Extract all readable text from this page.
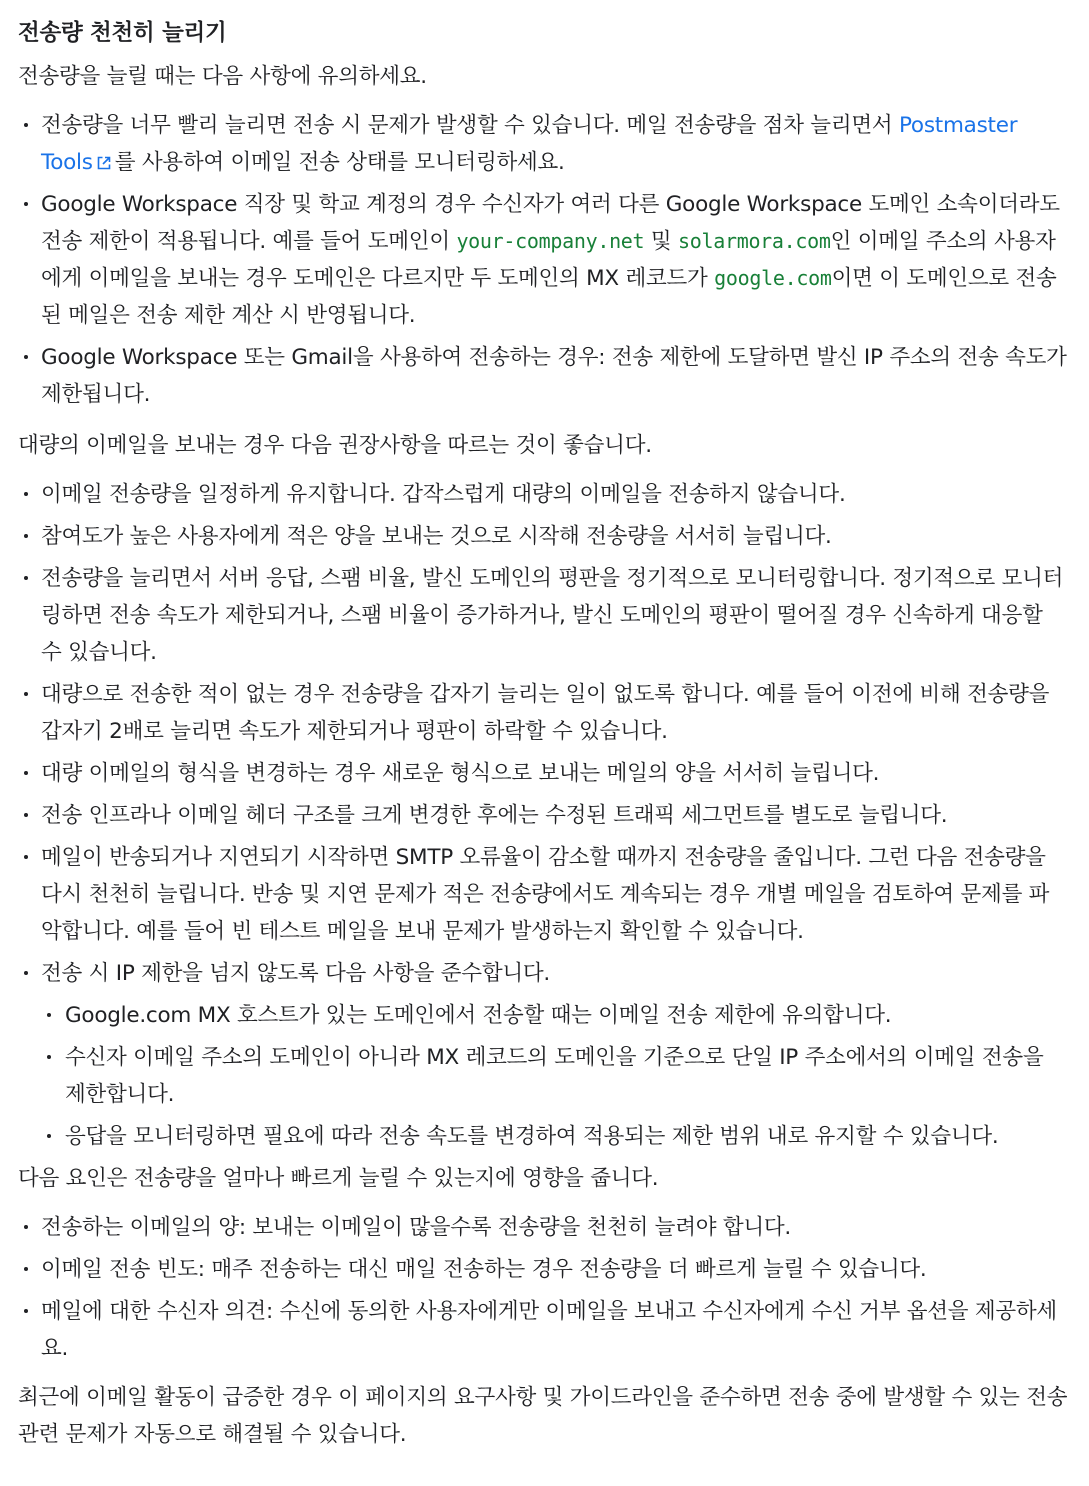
전송량 천천히 늘리기

전송량을 늘릴 때는 다음 사항에 유의하세요.

전송량을 너무 빨리 늘리면 전송 시 문제가 발생할 수 있습니다. 메일 전송량을 점차 늘리면서 Postmaster Tools 를 사용하여 이메일 전송 상태를 모니터링하세요.
Google Workspace 직장 및 학교 계정의 경우 수신자가 여러 다른 Google Workspace 도메인 소속이더라도 전송 제한이 적용됩니다. 예를 들어 도메인이 your-company.net 및 solarmora.com인 이메일 주소의 사용자에게 이메일을 보내는 경우 도메인은 다르지만 두 도메인의 MX 레코드가 google.com이면 이 도메인으로 전송된 메일은 전송 제한 계산 시 반영됩니다.
Google Workspace 또는 Gmail을 사용하여 전송하는 경우: 전송 제한에 도달하면 발신 IP 주소의 전송 속도가 제한됩니다.

대량의 이메일을 보내는 경우 다음 권장사항을 따르는 것이 좋습니다.

이메일 전송량을 일정하게 유지합니다. 갑작스럽게 대량의 이메일을 전송하지 않습니다.
참여도가 높은 사용자에게 적은 양을 보내는 것으로 시작해 전송량을 서서히 늘립니다.
전송량을 늘리면서 서버 응답, 스팸 비율, 발신 도메인의 평판을 정기적으로 모니터링합니다. 정기적으로 모니터링하면 전송 속도가 제한되거나, 스팸 비율이 증가하거나, 발신 도메인의 평판이 떨어질 경우 신속하게 대응할 수 있습니다.
대량으로 전송한 적이 없는 경우 전송량을 갑자기 늘리는 일이 없도록 합니다. 예를 들어 이전에 비해 전송량을 갑자기 2배로 늘리면 속도가 제한되거나 평판이 하락할 수 있습니다.
대량 이메일의 형식을 변경하는 경우 새로운 형식으로 보내는 메일의 양을 서서히 늘립니다.
전송 인프라나 이메일 헤더 구조를 크게 변경한 후에는 수정된 트래픽 세그먼트를 별도로 늘립니다.
메일이 반송되거나 지연되기 시작하면 SMTP 오류율이 감소할 때까지 전송량을 줄입니다. 그런 다음 전송량을 다시 천천히 늘립니다. 반송 및 지연 문제가 적은 전송량에서도 계속되는 경우 개별 메일을 검토하여 문제를 파악합니다. 예를 들어 빈 테스트 메일을 보내 문제가 발생하는지 확인할 수 있습니다.
전송 시 IP 제한을 넘지 않도록 다음 사항을 준수합니다.
Google.com MX 호스트가 있는 도메인에서 전송할 때는 이메일 전송 제한에 유의합니다.
수신자 이메일 주소의 도메인이 아니라 MX 레코드의 도메인을 기준으로 단일 IP 주소에서의 이메일 전송을 제한합니다.
응답을 모니터링하면 필요에 따라 전송 속도를 변경하여 적용되는 제한 범위 내로 유지할 수 있습니다.

다음 요인은 전송량을 얼마나 빠르게 늘릴 수 있는지에 영향을 줍니다.

전송하는 이메일의 양: 보내는 이메일이 많을수록 전송량을 천천히 늘려야 합니다.
이메일 전송 빈도: 매주 전송하는 대신 매일 전송하는 경우 전송량을 더 빠르게 늘릴 수 있습니다.
메일에 대한 수신자 의견: 수신에 동의한 사용자에게만 이메일을 보내고 수신자에게 수신 거부 옵션을 제공하세요.

최근에 이메일 활동이 급증한 경우 이 페이지의 요구사항 및 가이드라인을 준수하면 전송 중에 발생할 수 있는 전송 관련 문제가 자동으로 해결될 수 있습니다.
